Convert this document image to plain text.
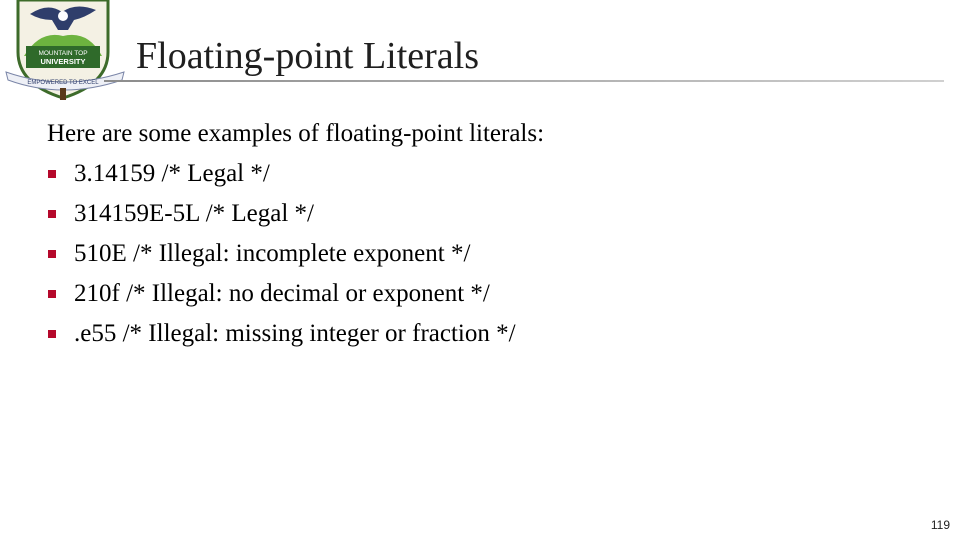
MOUNTAIN TOP
UNIVERSITY
EMPOWERED TO EXCEL
Floating-point Literals
Here are some examples of floating-point literals:
3.14159 /* Legal */
314159E-5L /* Legal */
510E /* Illegal: incomplete exponent */
210f /* Illegal: no decimal or exponent */
.e55 /* Illegal: missing integer or fraction */
119
